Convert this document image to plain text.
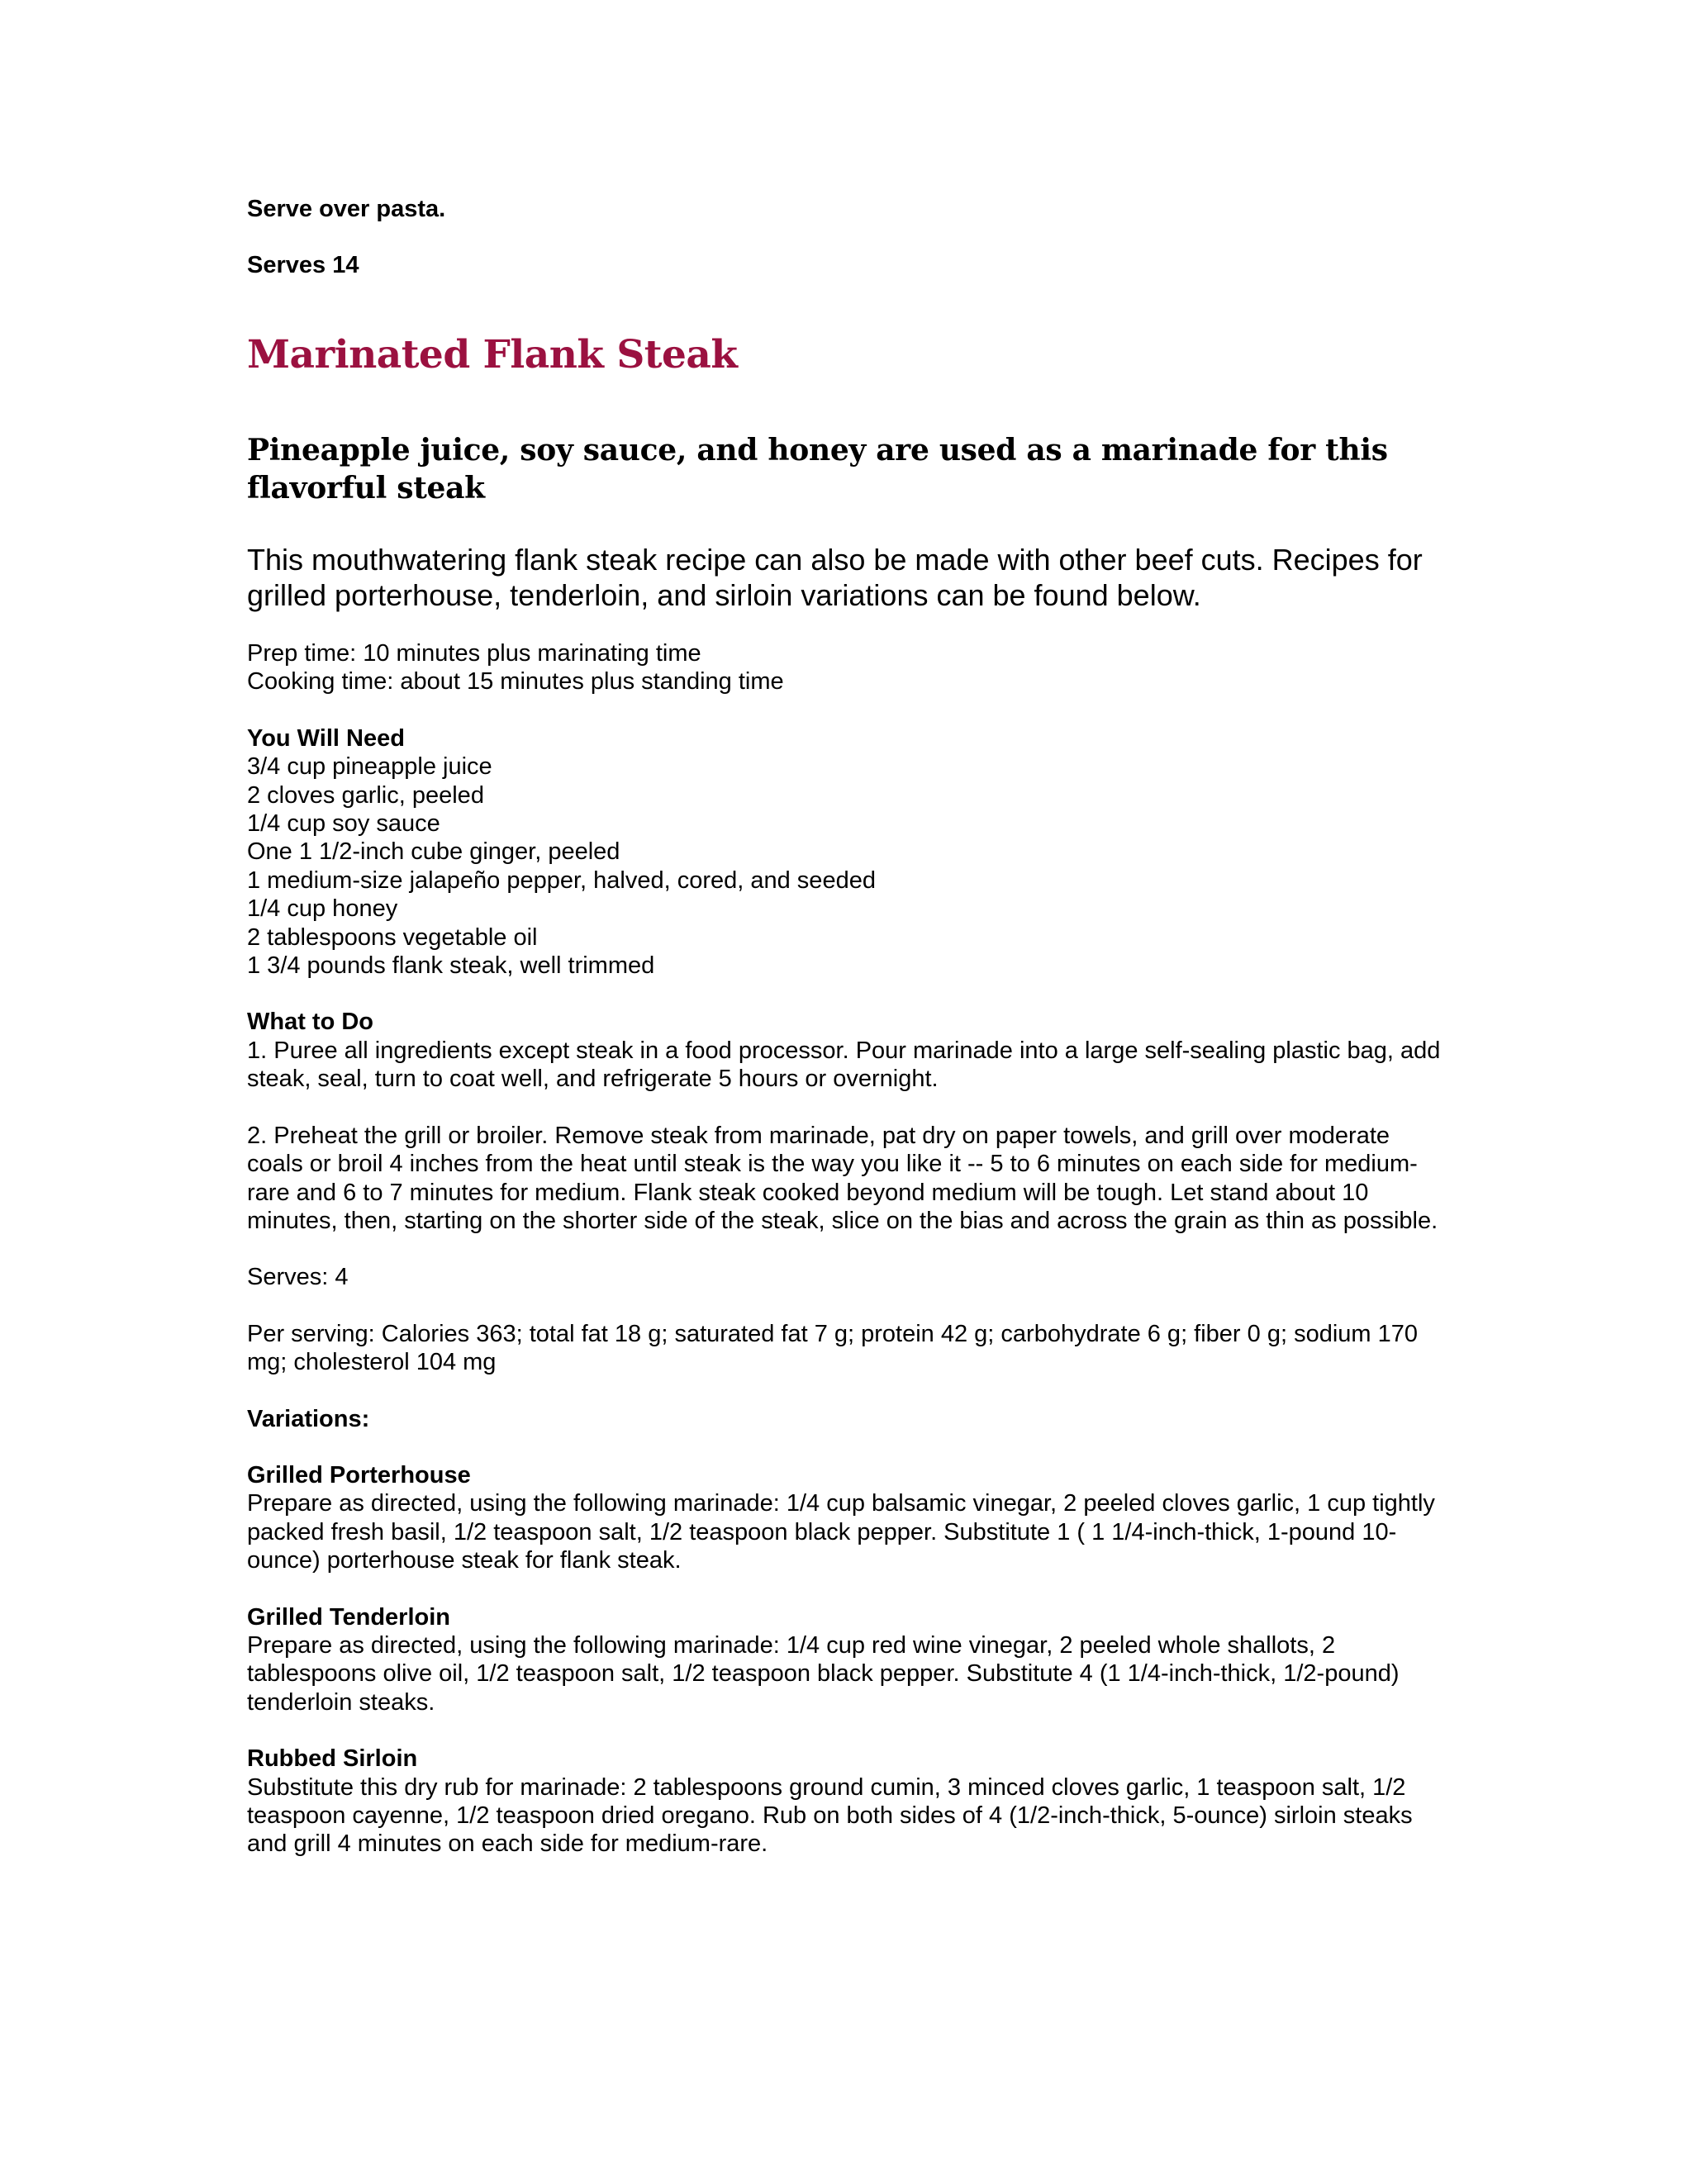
Serve over pasta.

Serves 14

Marinated Flank Steak
Pineapple juice, soy sauce, and honey are used as a marinade for this flavorful steak

This mouthwatering flank steak recipe can also be made with other beef cuts. Recipes for grilled porterhouse, tenderloin, and sirloin variations can be found below.

Prep time: 10 minutes plus marinating time

Cooking time: about 15 minutes plus standing time

You Will Need

3/4 cup pineapple juice
2 cloves garlic, peeled
1/4 cup soy sauce
One 1 1/2-inch cube ginger, peeled
1 medium-size jalapeño pepper, halved, cored, and seeded
1/4 cup honey
2 tablespoons vegetable oil
1 3/4 pounds flank steak, well trimmed

What to Do

1. Puree all ingredients except steak in a food processor. Pour marinade into a large self-sealing plastic bag, add steak, seal, turn to coat well, and refrigerate 5 hours or overnight.

2. Preheat the grill or broiler. Remove steak from marinade, pat dry on paper towels, and grill over moderate coals or broil 4 inches from the heat until steak is the way you like it -- 5 to 6 minutes on each side for medium-rare and 6 to 7 minutes for medium. Flank steak cooked beyond medium will be tough. Let stand about 10 minutes, then, starting on the shorter side of the steak, slice on the bias and across the grain as thin as possible.

Serves: 4

Per serving: Calories 363; total fat 18 g; saturated fat 7 g; protein 42 g; carbohydrate 6 g; fiber 0 g; sodium 170 mg; cholesterol 104 mg

Variations:

Grilled Porterhouse

Prepare as directed, using the following marinade: 1/4 cup balsamic vinegar, 2 peeled cloves garlic, 1 cup tightly packed fresh basil, 1/2 teaspoon salt, 1/2 teaspoon black pepper. Substitute 1 ( 1 1/4-inch-thick, 1-pound 10-ounce) porterhouse steak for flank steak.

Grilled Tenderloin

Prepare as directed, using the following marinade: 1/4 cup red wine vinegar, 2 peeled whole shallots, 2 tablespoons olive oil, 1/2 teaspoon salt, 1/2 teaspoon black pepper. Substitute 4 (1 1/4-inch-thick, 1/2-pound) tenderloin steaks.

Rubbed Sirloin

Substitute this dry rub for marinade: 2 tablespoons ground cumin, 3 minced cloves garlic, 1 teaspoon salt, 1/2 teaspoon cayenne, 1/2 teaspoon dried oregano. Rub on both sides of 4 (1/2-inch-thick, 5-ounce) sirloin steaks and grill 4 minutes on each side for medium-rare.
